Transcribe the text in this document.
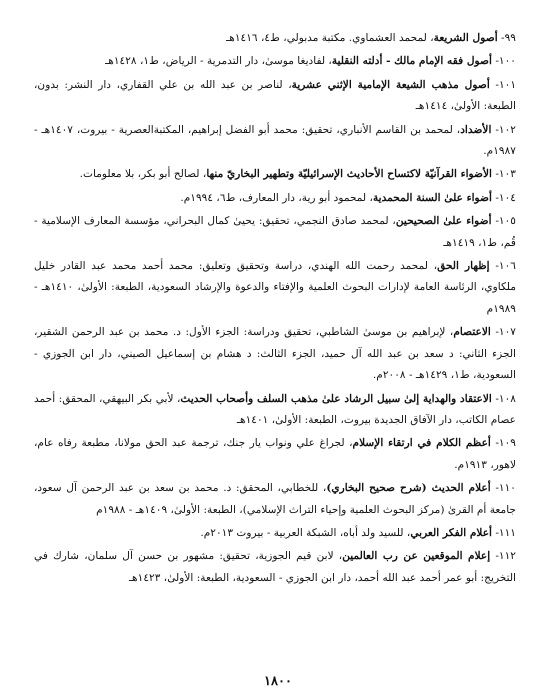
٩٩- أصول الشريعة، لمحمد العشماوي. مكتبة مدبولي، ط٤، ١٤١٦هـ

١٠٠- أصول فقه الإمام مالك - أدلته النقلية، لفاديغا موسىٰ، دار التدمرية - الرياض، ط١، ١٤٢٨هـ

١٠١- أصول مذهب الشيعة الإمامية الإثني عشرية، لناصر بن عبد الله بن علي القفاري، دار النشر: بدون، الطبعة: الأولىٰ، ١٤١٤هـ

١٠٢- الأضداد، لمحمد بن القاسم الأنباري، تحقيق: محمد أبو الفضل إبراهيم، المكتبةالعصرية - بيروت، ١٤٠٧هـ - ١٩٨٧م.

١٠٣- الأضواء القرآنيّة لاكتساح الأحاديث الإسرائيليّة وتطهير البخاريّ منها، لصالح أبو بكر، بلا معلومات.

١٠٤- أضواء علىٰ السنة المحمدية، لمحمود أبو رية، دار المعارف، ط٦، ١٩٩٤م.

١٠٥- أضواء علىٰ الصحيحين، لمحمد صادق النجمي، تحقيق: يحيىٰ كمال البحراني، مؤسسة المعارف الإسلامية - قُم، ط١، ١٤١٩هـ

١٠٦- إظهار الحق، لمحمد رحمت الله الهندي، دراسة وتحقيق وتعليق: محمد أحمد محمد عبد القادر خليل ملكاوي، الرئاسة العامة لإدارات البحوث العلمية والإفتاء والدعوة والإرشاد السعودية، الطبعة: الأولىٰ، ١٤١٠هـ - ١٩٨٩م

١٠٧- الاعتصام، لإبراهيم بن موسىٰ الشاطبي، تحقيق ودراسة: الجزء الأول: د. محمد بن عبد الرحمن الشقير، الجزء الثاني: د سعد بن عبد الله آل حميد، الجزء الثالث: د هشام بن إسماعيل الصيني، دار ابن الجوزي - السعودية، ط١، ١٤٢٩هـ - ٢٠٠٨م.

١٠٨- الاعتقاد والهداية إلىٰ سبيل الرشاد علىٰ مذهب السلف وأصحاب الحديث، لأبي بكر البيهقي، المحقق: أحمد عصام الكاتب، دار الآفاق الجديدة بيروت، الطبعة: الأولىٰ، ١٤٠١هـ

١٠٩- أعظم الكلام في ارتقاء الإسلام، لجراغ علي ونواب يار جنك، ترجمة عبد الحق مولانا، مطبعة رفاه عام، لاهور، ١٩١٣م.

١١٠- أعلام الحديث (شرح صحيح البخاري)، للخطابي، المحقق: د. محمد بن سعد بن عبد الرحمن آل سعود، جامعة أم القرىٰ (مركز البحوث العلمية وإحياء التراث الإسلامي)، الطبعة: الأولىٰ، ١٤٠٩هـ - ١٩٨٨م

١١١- أعلام الفكر العربي، للسيد ولد أباه، الشبكة العربية - بيروت ٢٠١٣م.

١١٢- إعلام الموقعين عن رب العالمين، لابن قيم الجوزية، تحقيق: مشهور بن حسن آل سلمان، شارك في التخريج: أبو عمر أحمد عبد الله أحمد، دار ابن الجوزي - السعودية، الطبعة: الأولىٰ، ١٤٢٣هـ

١٨٠٠
